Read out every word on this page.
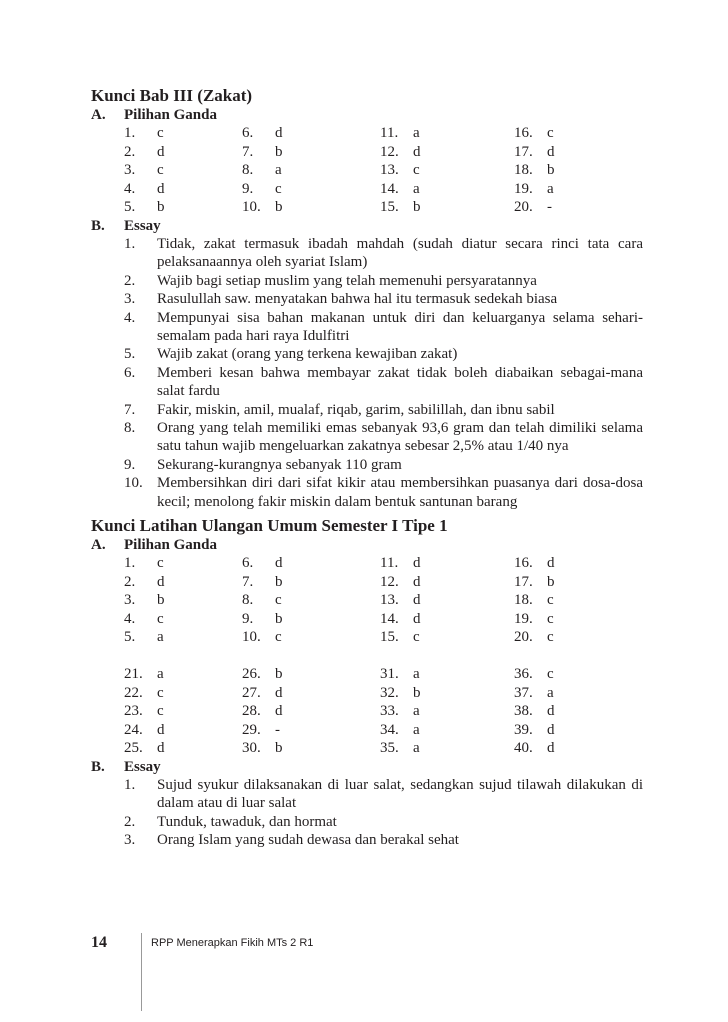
Kunci Bab III (Zakat)
A.	Pilihan Ganda
1.	c	6.	d	11. a	16. c
2.	d	7.	b	12. d	17. d
3.	c	8.	a	13. c	18. b
4.	d	9.	c	14. a	19. a
5.	b	10. b	15. b	20. -
B.	Essay
1.	Tidak, zakat termasuk ibadah mahdah (sudah diatur secara rinci tata cara pelaksanaannya oleh syariat Islam)
2.	Wajib bagi setiap muslim yang telah memenuhi persyaratannya
3.	Rasulullah saw. menyatakan bahwa hal itu termasuk sedekah biasa
4.	Mempunyai sisa bahan makanan untuk diri dan keluarganya selama sehari-semalam pada hari raya Idulfitri
5.	Wajib zakat (orang yang terkena kewajiban zakat)
6.	Memberi kesan bahwa membayar zakat tidak boleh diabaikan sebagai-mana salat fardu
7.	Fakir, miskin, amil, mualaf, riqab, garim, sabilillah, dan ibnu sabil
8.	Orang yang telah memiliki emas sebanyak 93,6 gram dan telah dimiliki selama satu tahun wajib mengeluarkan zakatnya sebesar 2,5% atau 1/40 nya
9.	Sekurang-kurangnya sebanyak 110 gram
10. Membersihkan diri dari sifat kikir atau membersihkan puasanya dari dosa-dosa kecil; menolong fakir miskin dalam bentuk santunan barang
Kunci Latihan Ulangan Umum Semester I Tipe 1
A.	Pilihan Ganda
1.	c	6.	d	11. d	16. d
2.	d	7.	b	12. d	17. b
3.	b	8.	c	13. d	18. c
4.	c	9.	b	14. d	19. c
5.	a	10. c	15. c	20. c
21. a	26. b	31. a	36. c
22. c	27. d	32. b	37. a
23. c	28. d	33. a	38. d
24. d	29. -	34. a	39. d
25. d	30. b	35. a	40. d
B.	Essay
1.	Sujud syukur dilaksanakan di luar salat, sedangkan sujud tilawah dilakukan di dalam atau di luar salat
2.	Tunduk, tawaduk, dan hormat
3.	Orang Islam yang sudah dewasa dan berakal sehat
14	RPP Menerapkan Fikih MTs 2 R1
